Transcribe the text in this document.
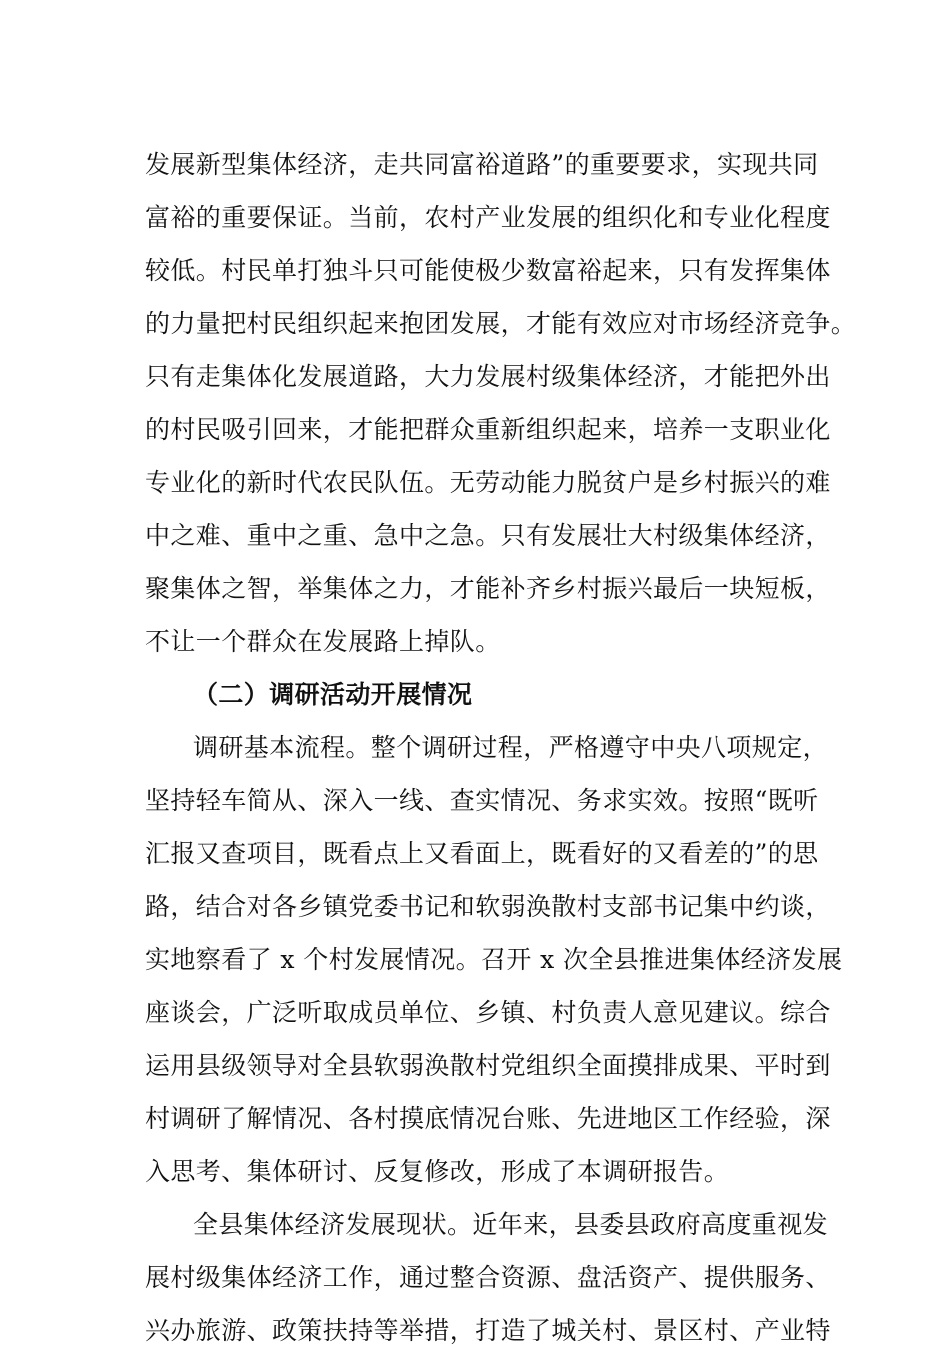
发展新型集体经济，走共同富裕道路”的重要要求，实现共同
富裕的重要保证。当前，农村产业发展的组织化和专业化程度
较低。村民单打独斗只可能使极少数富裕起来，只有发挥集体
的力量把村民组织起来抱团发展，才能有效应对市场经济竞争。
只有走集体化发展道路，大力发展村级集体经济，才能把外出
的村民吸引回来，才能把群众重新组织起来，培养一支职业化
专业化的新时代农民队伍。无劳动能力脱贫户是乡村振兴的难
中之难、重中之重、急中之急。只有发展壮大村级集体经济，
聚集体之智，举集体之力，才能补齐乡村振兴最后一块短板，
不让一个群众在发展路上掉队。
（二）调研活动开展情况
调研基本流程。整个调研过程，严格遵守中央八项规定，
坚持轻车简从、深入一线、查实情况、务求实效。按照“既听
汇报又查项目，既看点上又看面上，既看好的又看差的”的思
路，结合对各乡镇党委书记和软弱涣散村支部书记集中约谈，
实地察看了 x 个村发展情况。召开 x 次全县推进集体经济发展
座谈会，广泛听取成员单位、乡镇、村负责人意见建议。综合
运用县级领导对全县软弱涣散村党组织全面摸排成果、平时到
村调研了解情况、各村摸底情况台账、先进地区工作经验，深
入思考、集体研讨、反复修改，形成了本调研报告。
全县集体经济发展现状。近年来，县委县政府高度重视发
展村级集体经济工作，通过整合资源、盘活资产、提供服务、
兴办旅游、政策扶持等举措，打造了城关村、景区村、产业特
